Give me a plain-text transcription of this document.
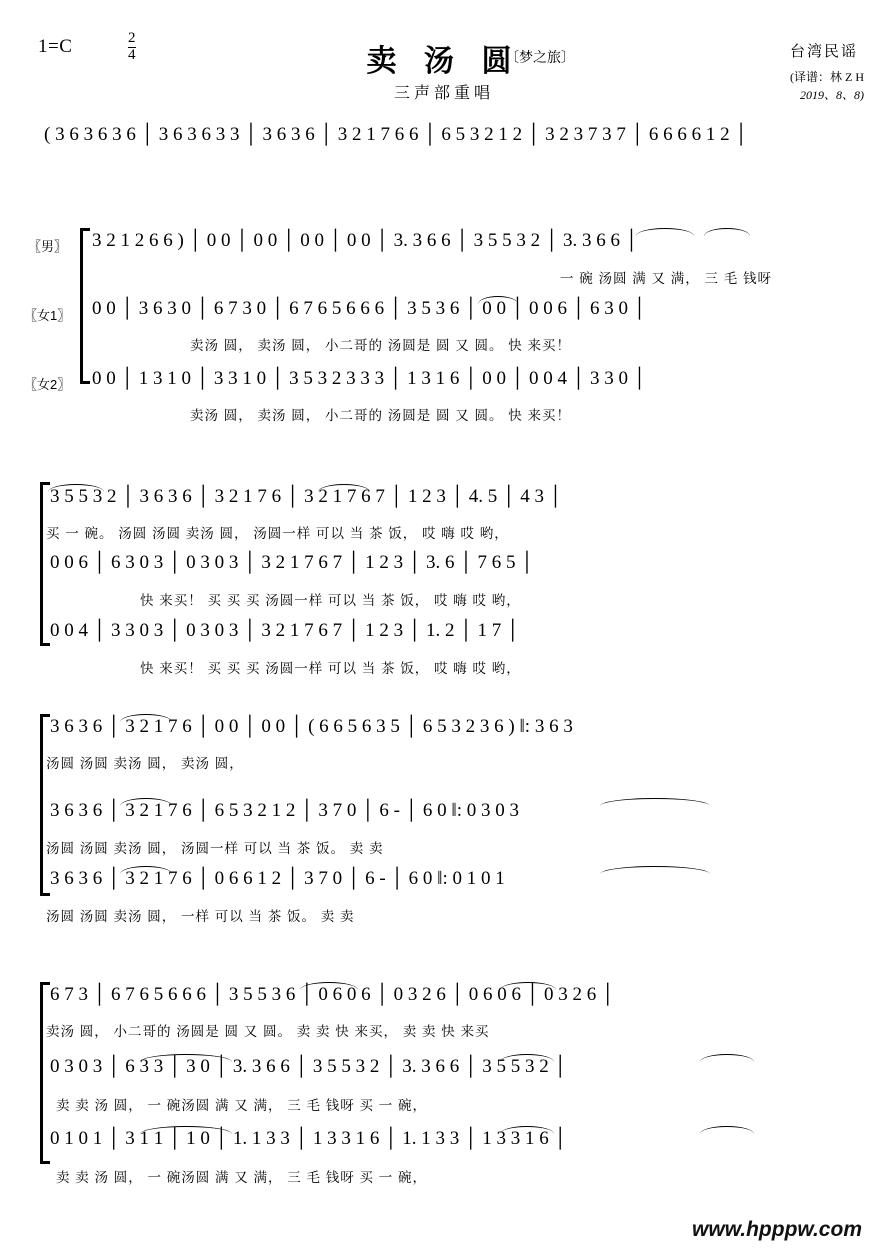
1=C	$\frac{2}{4}$	卖 汤 圆
〔梦之旅〕
三声部重唱
台湾民谣
(译谱：林 Z H
2019、8、8)
( 3 6 3 6 3 6 │ 3 6 3 6 3 3 │ 3 6 3 6 │ 3 2 1 7 6 6 │ 6 5 3 2 1 2 │ 3 2 3 7 3 7 │ 6 6 6 6 1 2 │
〖男〗 3 2 1 2 6 6 ) │ 0 0 │ 0 0 │ 0 0 │ 0 0 │ 3. 3 6 6 │ 3 5 5 3 2 │ 3. 3 6 6 │
一 碗 汤圆 满 又 满， 三 毛 钱呀
〖女1〗 0 0 │ 3 6 3 0 │ 6 7 3 0 │ 6 7 6 5 6 6 6 │ 3 5 3 6 │ 0 0 │ 0 0 6 │ 6 3 0 │
卖汤 圆， 卖汤 圆， 小二哥的 汤圆是 圆 又 圆。 快 来买！
〖女2〗 0 0 │ 1 3 1 0 │ 3 3 1 0 │ 3 5 3 2 3 3 3 │ 1 3 1 6 │ 0 0 │ 0 0 4 │ 3 3 0 │
卖汤 圆， 卖汤 圆， 小二哥的 汤圆是 圆 又 圆。 快 来买！
3 5 5 3 2 │ 3 6 3 6 │ 3 2 1 7 6 │ 3 2 1 7 6 7 │ 1 2 3 │ 4. 5 │ 4 3 │
买 一 碗。 汤圆 汤圆 卖汤 圆， 汤圆一样 可以 当 茶 饭， 哎 嗨 哎 哟，
0 0 6 │ 6 3 0 3 │ 0 3 0 3 │ 3 2 1 7 6 7 │ 1 2 3 │ 3. 6 │ 7 6 5 │
快 来买！ 买 买 买 汤圆一样 可以 当 茶 饭， 哎 嗨 哎 哟，
0 0 4 │ 3 3 0 3 │ 0 3 0 3 │ 3 2 1 7 6 7 │ 1 2 3 │ 1. 2 │ 1 7 │
快 来买！ 买 买 买 汤圆一样 可以 当 茶 饭， 哎 嗨 哎 哟，
3 6 3 6 │ 3 2 1 7 6 │ 0 0 │ 0 0 │ ( 6 6 5 6 3 5 │ 6 5 3 2 3 6 ) ‖: 3 6 3
汤圆 汤圆 卖汤 圆， 卖汤 圆，
3 6 3 6 │ 3 2 1 7 6 │ 6 5 3 2 1 2 │ 3 7 0 │ 6 - │ 6 0 ‖: 0 3 0 3
汤圆 汤圆 卖汤 圆， 汤圆一样 可以 当 茶 饭。 卖 卖
3 6 3 6 │ 3 2 1 7 6 │ 0 6 6 1 2 │ 3 7 0 │ 6 - │ 6 0 ‖: 0 1 0 1
汤圆 汤圆 卖汤 圆， 一样 可以 当 茶 饭。 卖 卖
6 7 3 │ 6 7 6 5 6 6 6 │ 3 5 5 3 6 │ 0 6 0 6 │ 0 3 2 6 │ 0 6 0 6 │ 0 3 2 6 │
卖汤 圆， 小二哥的 汤圆是 圆 又 圆。 卖 卖 快 来买， 卖 卖 快 来买
0 3 0 3 │ 6 3 3 │ 3 0 │ 3. 3 6 6 │ 3 5 5 3 2 │ 3. 3 6 6 │ 3 5 5 3 2 │
卖 卖 汤 圆， 一 碗汤圆 满 又 满， 三 毛 钱呀 买 一 碗，
0 1 0 1 │ 3 1 1 │ 1 0 │ 1. 1 3 3 │ 1 3 3 1 6 │ 1. 1 3 3 │ 1 3 3 1 6 │
卖 卖 汤 圆， 一 碗汤圆 满 又 满， 三 毛 钱呀 买 一 碗，
www.hpppw.com
